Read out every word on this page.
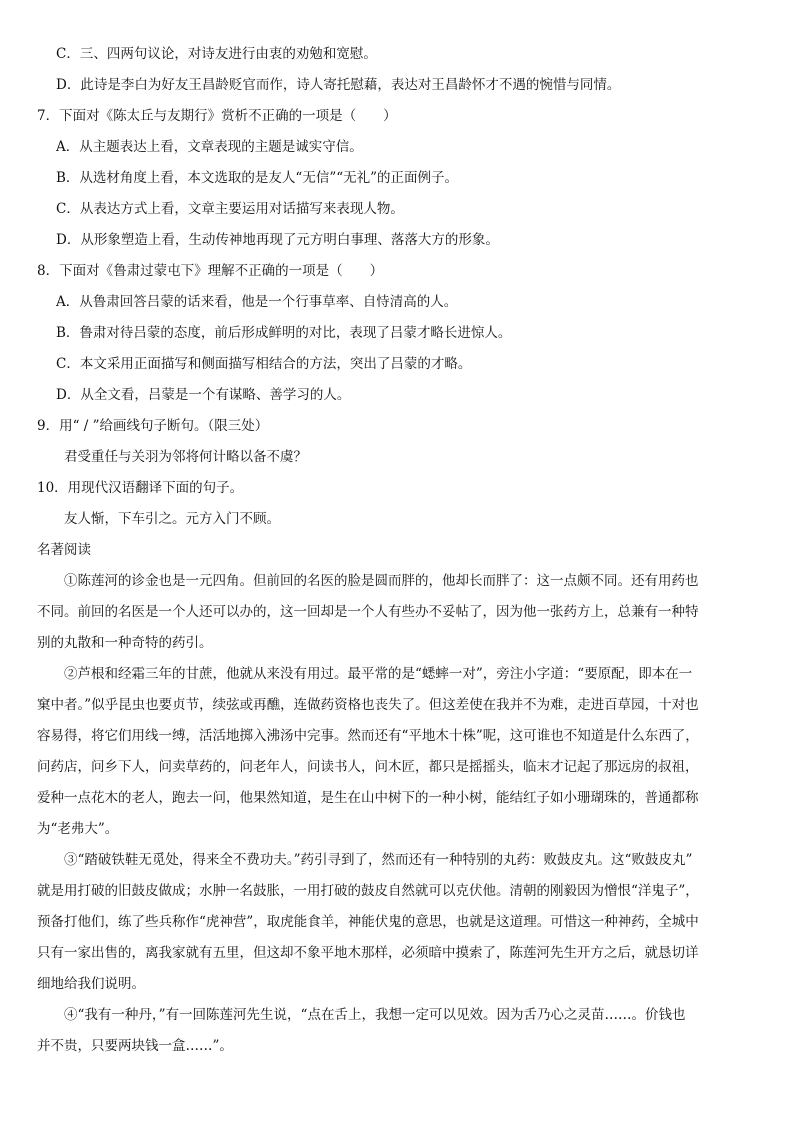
C．三、四两句议论，对诗友进行由衷的劝勉和宽慰。
D．此诗是李白为好友王昌龄贬官而作，诗人寄托慰藉，表达对王昌龄怀才不遇的惋惜与同情。
7．下面对《陈太丘与友期行》赏析不正确的一项是（　　）
A．从主题表达上看，文章表现的主题是诚实守信。
B．从选材角度上看，本文选取的是友人“无信”“无礼”的正面例子。
C．从表达方式上看，文章主要运用对话描写来表现人物。
D．从形象塑造上看，生动传神地再现了元方明白事理、落落大方的形象。
8．下面对《鲁肃过蒙屯下》理解不正确的一项是（　　）
A．从鲁肃回答吕蒙的话来看，他是一个行事草率、自恃清高的人。
B．鲁肃对待吕蒙的态度，前后形成鲜明的对比，表现了吕蒙才略长进惊人。
C．本文采用正面描写和侧面描写相结合的方法，突出了吕蒙的才略。
D．从全文看，吕蒙是一个有谋略、善学习的人。
9．用“ / ”给画线句子断句。（限三处）
君受重任与关羽为邻将何计略以备不虞？
10．用现代汉语翻译下面的句子。
友人惭，下车引之。元方入门不顾。
名著阅读
①陈莲河的诊金也是一元四角。但前回的名医的脸是圆而胖的，他却长而胖了：这一点颇不同。还有用药也
不同。前回的名医是一个人还可以办的，这一回却是一个人有些办不妥帖了，因为他一张药方上，总兼有一种特
别的丸散和一种奇特的药引。
②芦根和经霜三年的甘蔗，他就从来没有用过。最平常的是“蟋蟀一对”，旁注小字道：“要原配，即本在一
窠中者。”似乎昆虫也要贞节，续弦或再醮，连做药资格也丧失了。但这差使在我并不为难，走进百草园，十对也
容易得，将它们用线一缚，活活地掷入沸汤中完事。然而还有“平地木十株”呢，这可谁也不知道是什么东西了，
问药店，问乡下人，问卖草药的，问老年人，问读书人，问木匠，都只是摇摇头，临末才记起了那远房的叔祖，
爱种一点花木的老人，跑去一问，他果然知道，是生在山中树下的一种小树，能结红子如小珊瑚珠的，普通都称
为“老弗大”。
③“踏破铁鞋无觅处，得来全不费功夫。”药引寻到了，然而还有一种特别的丸药：败鼓皮丸。这“败鼓皮丸”
就是用打破的旧鼓皮做成；水肿一名鼓胀，一用打破的鼓皮自然就可以克伏他。清朝的刚毅因为憎恨“洋鬼子”，
预备打他们，练了些兵称作“虎神营”，取虎能食羊，神能伏鬼的意思，也就是这道理。可惜这一种神药，全城中
只有一家出售的，离我家就有五里，但这却不象平地木那样，必须暗中摸索了，陈莲河先生开方之后，就恳切详
细地给我们说明。
④“我有一种丹，”有一回陈莲河先生说，“点在舌上，我想一定可以见效。因为舌乃心之灵苗……。价钱也
并不贵，只要两块钱一盒……”。
